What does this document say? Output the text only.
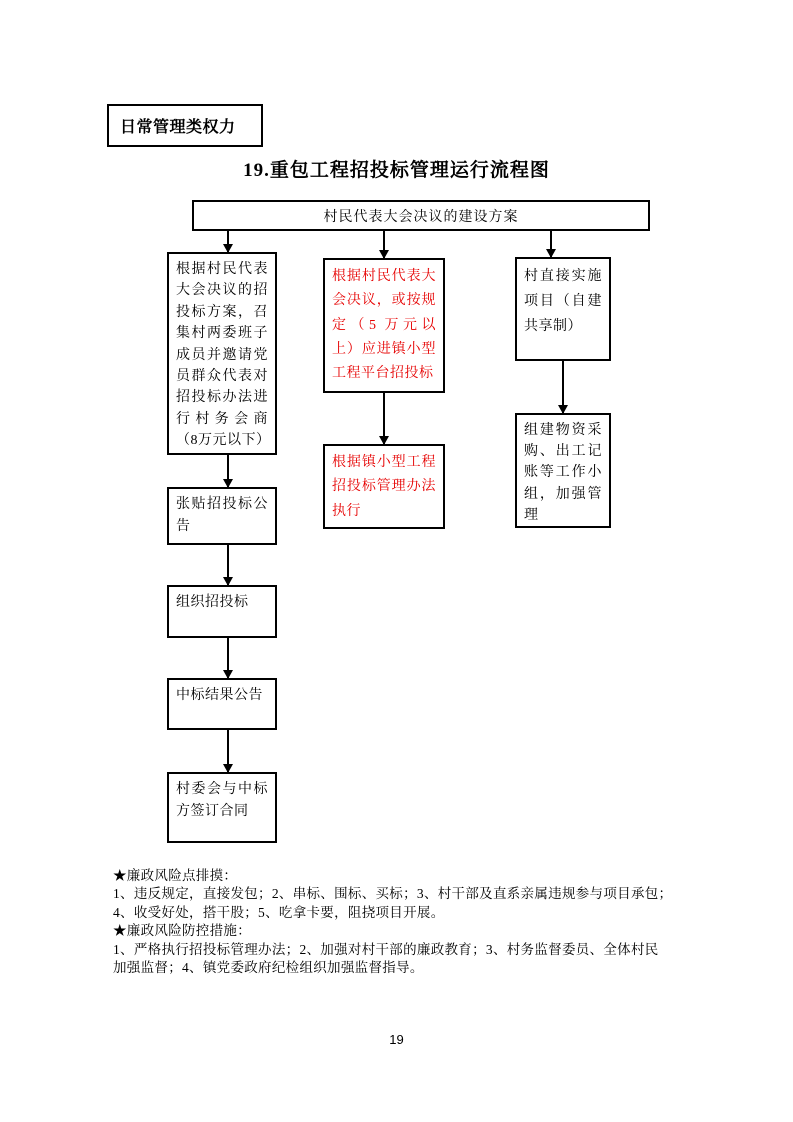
日常管理类权力
19.重包工程招投标管理运行流程图
村民代表大会决议的建设方案
根据村民代表大会决议的招投标方案，召集村两委班子成员并邀请党员群众代表对招投标办法进行村务会商（8万元以下）
张贴招投标公告
组织招投标
中标结果公告
村委会与中标方签订合同
根据村民代表大会决议，或按规定（5 万元以上）应进镇小型工程平台招投标
根据镇小型工程招投标管理办法执行
村直接实施项目（自建共享制）
组建物资采购、出工记账等工作小组，加强管理
★廉政风险点排摸：
1、违反规定，直接发包；2、串标、围标、买标；3、村干部及直系亲属违规参与项目承包；
4、收受好处，搭干股；5、吃拿卡要，阻挠项目开展。
★廉政风险防控措施：
1、严格执行招投标管理办法；2、加强对村干部的廉政教育；3、村务监督委员、全体村民
加强监督；4、镇党委政府纪检组织加强监督指导。
19
